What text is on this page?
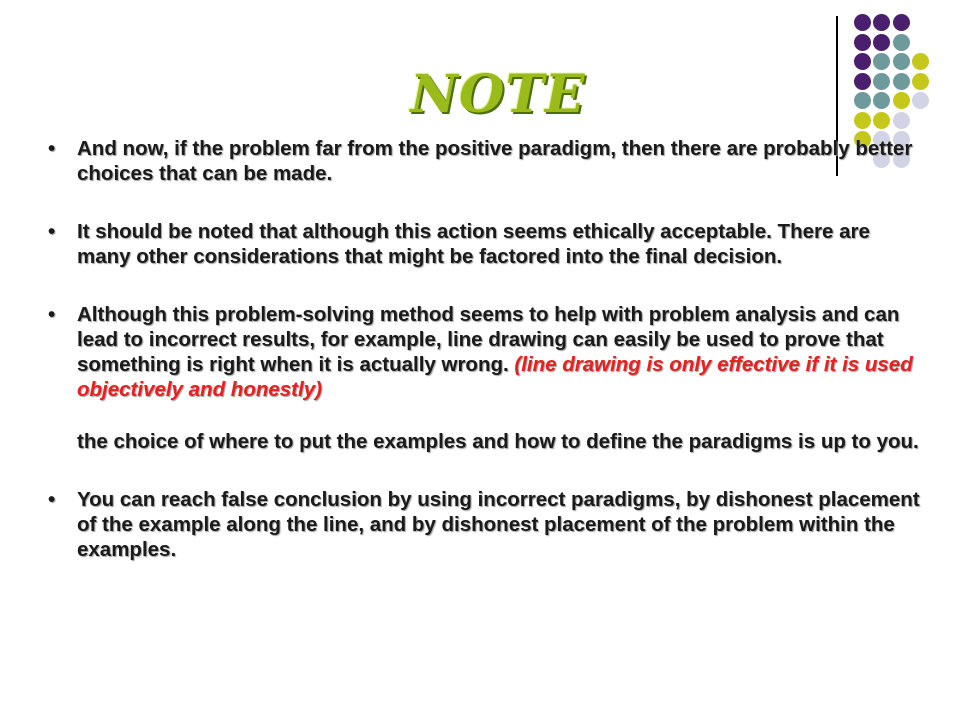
NOTE

• And now, if the problem far from the positive paradigm, then there are probably better choices that can be made.

• It should be noted that although this action seems ethically acceptable. There are many other considerations that might be factored into the final decision.

• Although this problem-solving method seems to help with problem analysis and can lead to incorrect results, for example, line drawing can easily be used to prove that something is right when it is actually wrong. (line drawing is only effective if it is used objectively and honestly)

the choice of where to put the examples and how to define the paradigms is up to you.

• You can reach false conclusion by using incorrect paradigms, by dishonest placement of the example along the line, and by dishonest placement of the problem within the examples.
